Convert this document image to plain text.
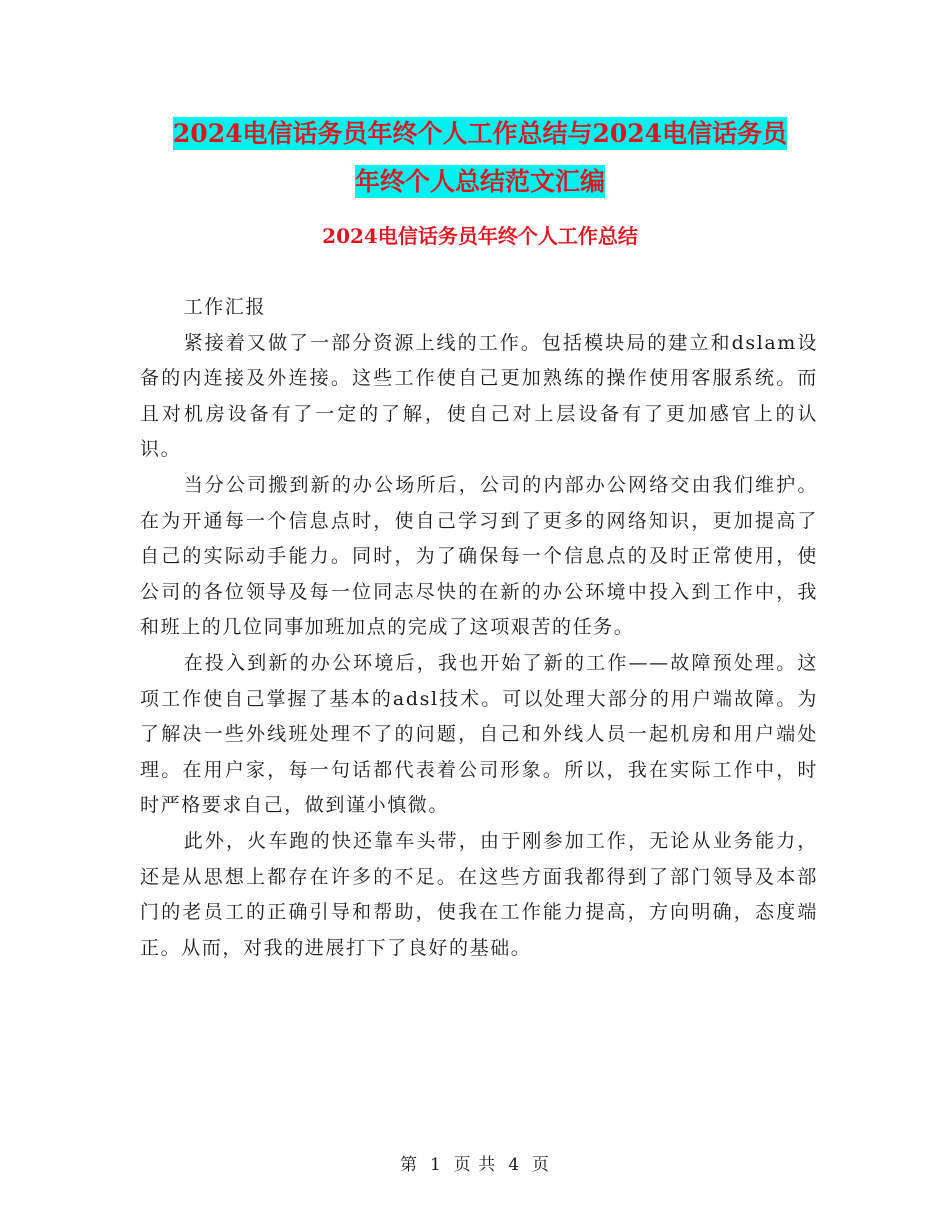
2024电信话务员年终个人工作总结与2024电信话务员
年终个人总结范文汇编
2024电信话务员年终个人工作总结

工作汇报

紧接着又做了一部分资源上线的工作。包括模块局的建立和dslam设备的内连接及外连接。这些工作使自己更加熟练的操作使用客服系统。而且对机房设备有了一定的了解，使自己对上层设备有了更加感官上的认识。

当分公司搬到新的办公场所后，公司的内部办公网络交由我们维护。在为开通每一个信息点时，使自己学习到了更多的网络知识，更加提高了自己的实际动手能力。同时，为了确保每一个信息点的及时正常使用，使公司的各位领导及每一位同志尽快的在新的办公环境中投入到工作中，我和班上的几位同事加班加点的完成了这项艰苦的任务。

在投入到新的办公环境后，我也开始了新的工作——故障预处理。这项工作使自己掌握了基本的adsl技术。可以处理大部分的用户端故障。为了解决一些外线班处理不了的问题，自己和外线人员一起机房和用户端处理。在用户家，每一句话都代表着公司形象。所以，我在实际工作中，时时严格要求自己，做到谨小慎微。

此外，火车跑的快还靠车头带，由于刚参加工作，无论从业务能力，还是从思想上都存在许多的不足。在这些方面我都得到了部门领导及本部门的老员工的正确引导和帮助，使我在工作能力提高，方向明确，态度端正。从而，对我的进展打下了良好的基础。

第 1 页 共 4 页
